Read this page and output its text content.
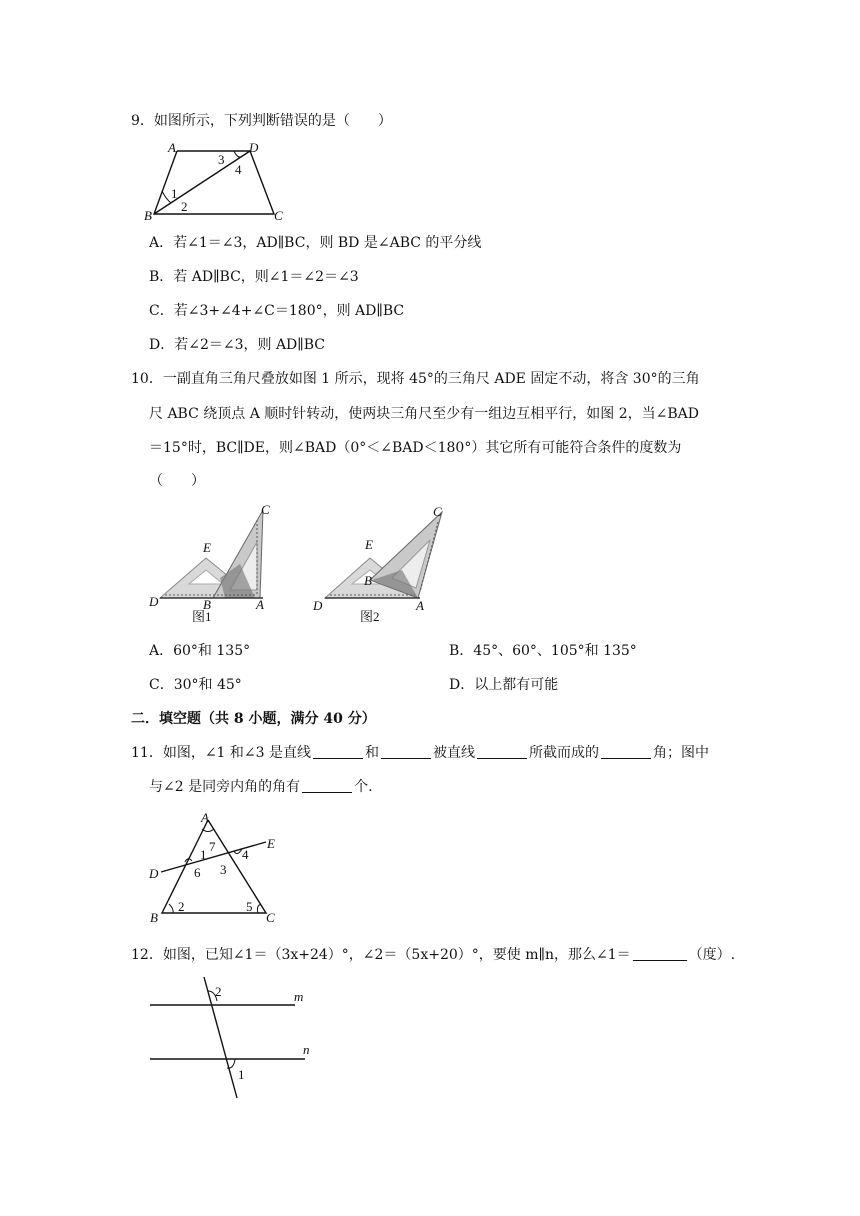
9．如图所示，下列判断错误的是（　　）
A	D
B	C
1
2
3
4
A．若∠1＝∠3，AD∥BC，则 BD 是∠ABC 的平分线
B．若 AD∥BC，则∠1＝∠2＝∠3
C．若∠3+∠4+∠C＝180°，则 AD∥BC
D．若∠2＝∠3，则 AD∥BC
10．一副直角三角尺叠放如图 1 所示，现将 45°的三角尺 ADE 固定不动，将含 30°的三角
尺 ABC 绕顶点 A 顺时针转动，使两块三角尺至少有一组边互相平行，如图 2，当∠BAD
＝15°时，BC∥DE，则∠BAD（0°＜∠BAD＜180°）其它所有可能符合条件的度数为
（　　）
C
E
D	B	A
图1
C
E
D
B
A
图2
A．60°和 135°	B．45°、60°、105°和 135°
C．30°和 45°	D．以上都有可能
二．填空题（共 8 小题，满分 40 分）
11．如图，∠1 和∠3 是直线	和	被直线	所截而成的	角；图中
与∠2 是同旁内角的角有	个.
A
E
D
B	C
1
2
3
4
5
6
7
12．如图，已知∠1＝（3x+24）°，∠2＝（5x+20）°，要使 m∥n，那么∠1＝	（度）.
2
1
m
n
